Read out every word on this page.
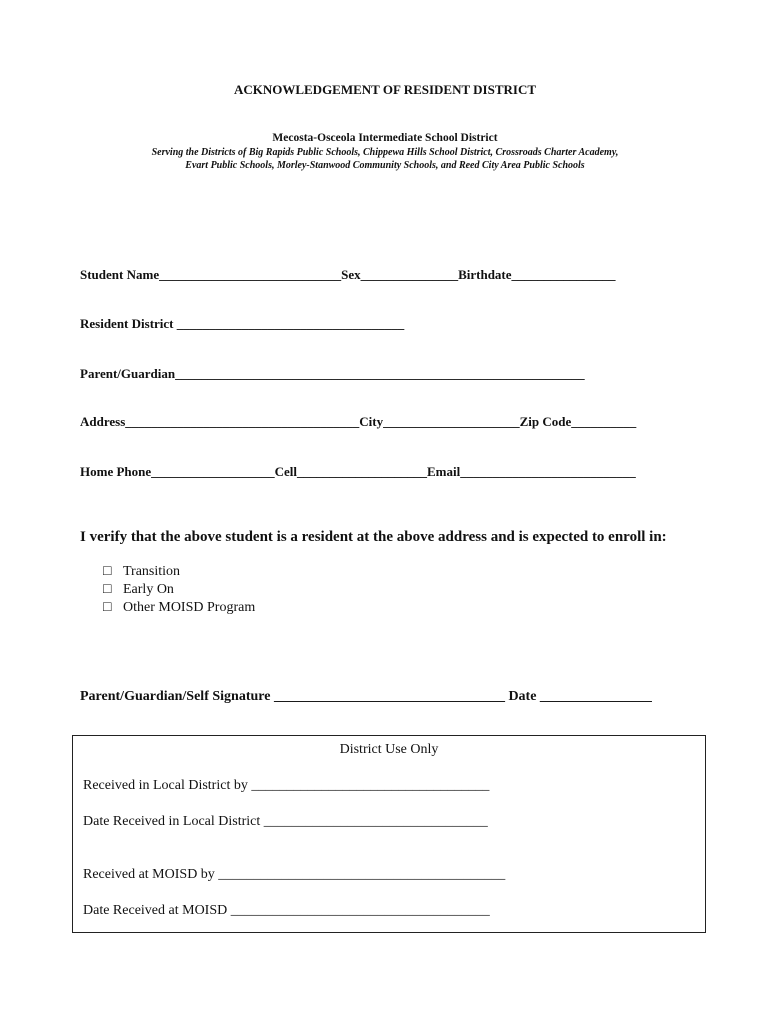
ACKNOWLEDGEMENT OF RESIDENT DISTRICT
Mecosta-Osceola Intermediate School District
Serving the Districts of Big Rapids Public Schools, Chippewa Hills School District, Crossroads Charter Academy,
Evart Public Schools, Morley-Stanwood Community Schools, and Reed City Area Public Schools
Student Name____________________________Sex_______________Birthdate________________
Resident District ___________________________________
Parent/Guardian_______________________________________________________________
Address____________________________________City_____________________Zip Code__________
Home Phone___________________Cell____________________Email___________________________
I verify that the above student is a resident at the above address and is expected to enroll in:
□ Transition
□ Early On
□ Other MOISD Program
Parent/Guardian/Self Signature _________________________________ Date ________________
District Use Only
Received in Local District by __________________________________
Date Received in Local District ________________________________
Received at MOISD by _________________________________________
Date Received at MOISD _____________________________________
